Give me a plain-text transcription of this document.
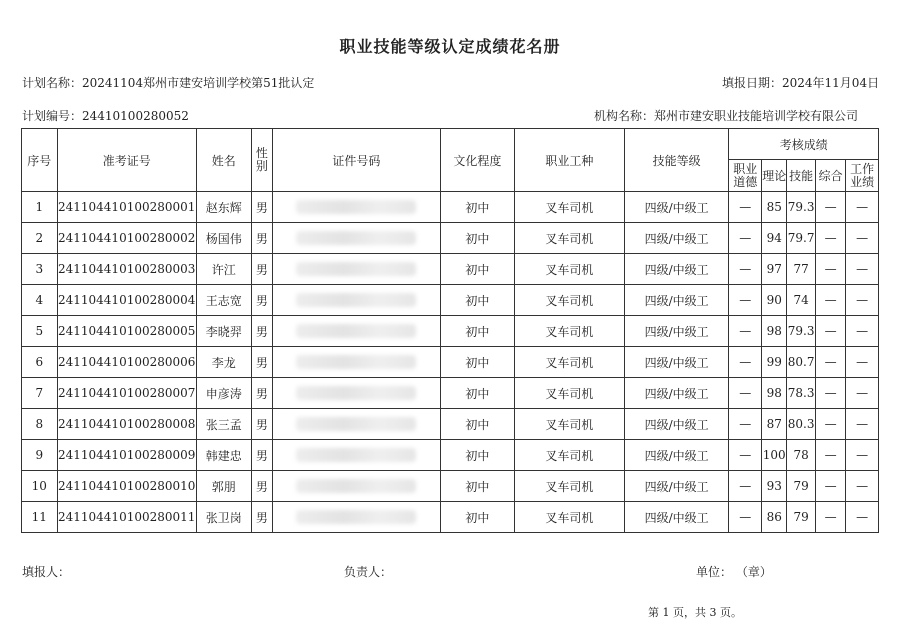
职业技能等级认定成绩花名册
计划名称：20241104郑州市建安培训学校第51批认定	填报日期：2024年11月04日
计划编号：24410100280052	机构名称：郑州市建安职业技能培训学校有限公司
序号	准考证号	姓名	性别	证件号码	文化程度	职业工种	技能等级	考核成绩				
								职业道德	理论	技能	综合	工作业绩
1	241104410100280001	赵东辉	男		初中	叉车司机	四级/中级工	—	85	79.3	—	—
2	241104410100280002	杨国伟	男		初中	叉车司机	四级/中级工	—	94	79.7	—	—
3	241104410100280003	许江	男		初中	叉车司机	四级/中级工	—	97	77	—	—
4	241104410100280004	王志宽	男		初中	叉车司机	四级/中级工	—	90	74	—	—
5	241104410100280005	李晓羿	男		初中	叉车司机	四级/中级工	—	98	79.3	—	—
6	241104410100280006	李龙	男		初中	叉车司机	四级/中级工	—	99	80.7	—	—
7	241104410100280007	申彦涛	男		初中	叉车司机	四级/中级工	—	98	78.3	—	—
8	241104410100280008	张三孟	男		初中	叉车司机	四级/中级工	—	87	80.3	—	—
9	241104410100280009	韩建忠	男		初中	叉车司机	四级/中级工	—	100	78	—	—
10	241104410100280010	郭朋	男		初中	叉车司机	四级/中级工	—	93	79	—	—
11	241104410100280011	张卫岗	男		初中	叉车司机	四级/中级工	—	86	79	—	—
填报人：	负责人：	单位： （章）
第 1 页，共 3 页。
